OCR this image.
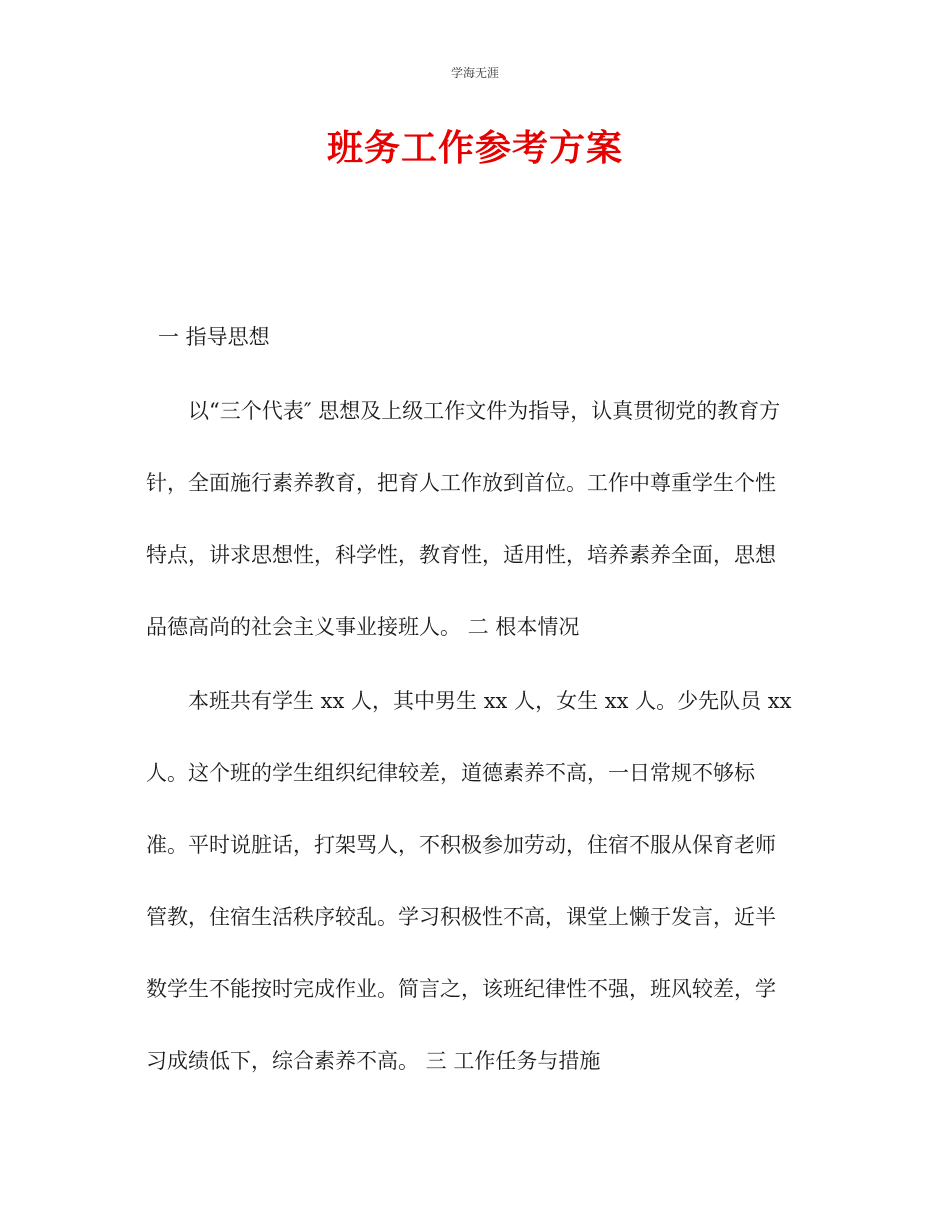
学海无涯
班务工作参考方案
一 指导思想
以“三个代表″ 思想及上级工作文件为指导，认真贯彻党的教育方
针，全面施行素养教育，把育人工作放到首位。工作中尊重学生个性
特点，讲求思想性，科学性，教育性，适用性，培养素养全面，思想
品德高尚的社会主义事业接班人。 二 根本情况
本班共有学生 xx 人，其中男生 xx 人，女生 xx 人。少先队员 xx
人。这个班的学生组织纪律较差，道德素养不高，一日常规不够标
准。平时说脏话，打架骂人，不积极参加劳动，住宿不服从保育老师
管教，住宿生活秩序较乱。学习积极性不高，课堂上懒于发言，近半
数学生不能按时完成作业。简言之，该班纪律性不强，班风较差，学
习成绩低下，综合素养不高。 三 工作任务与措施
